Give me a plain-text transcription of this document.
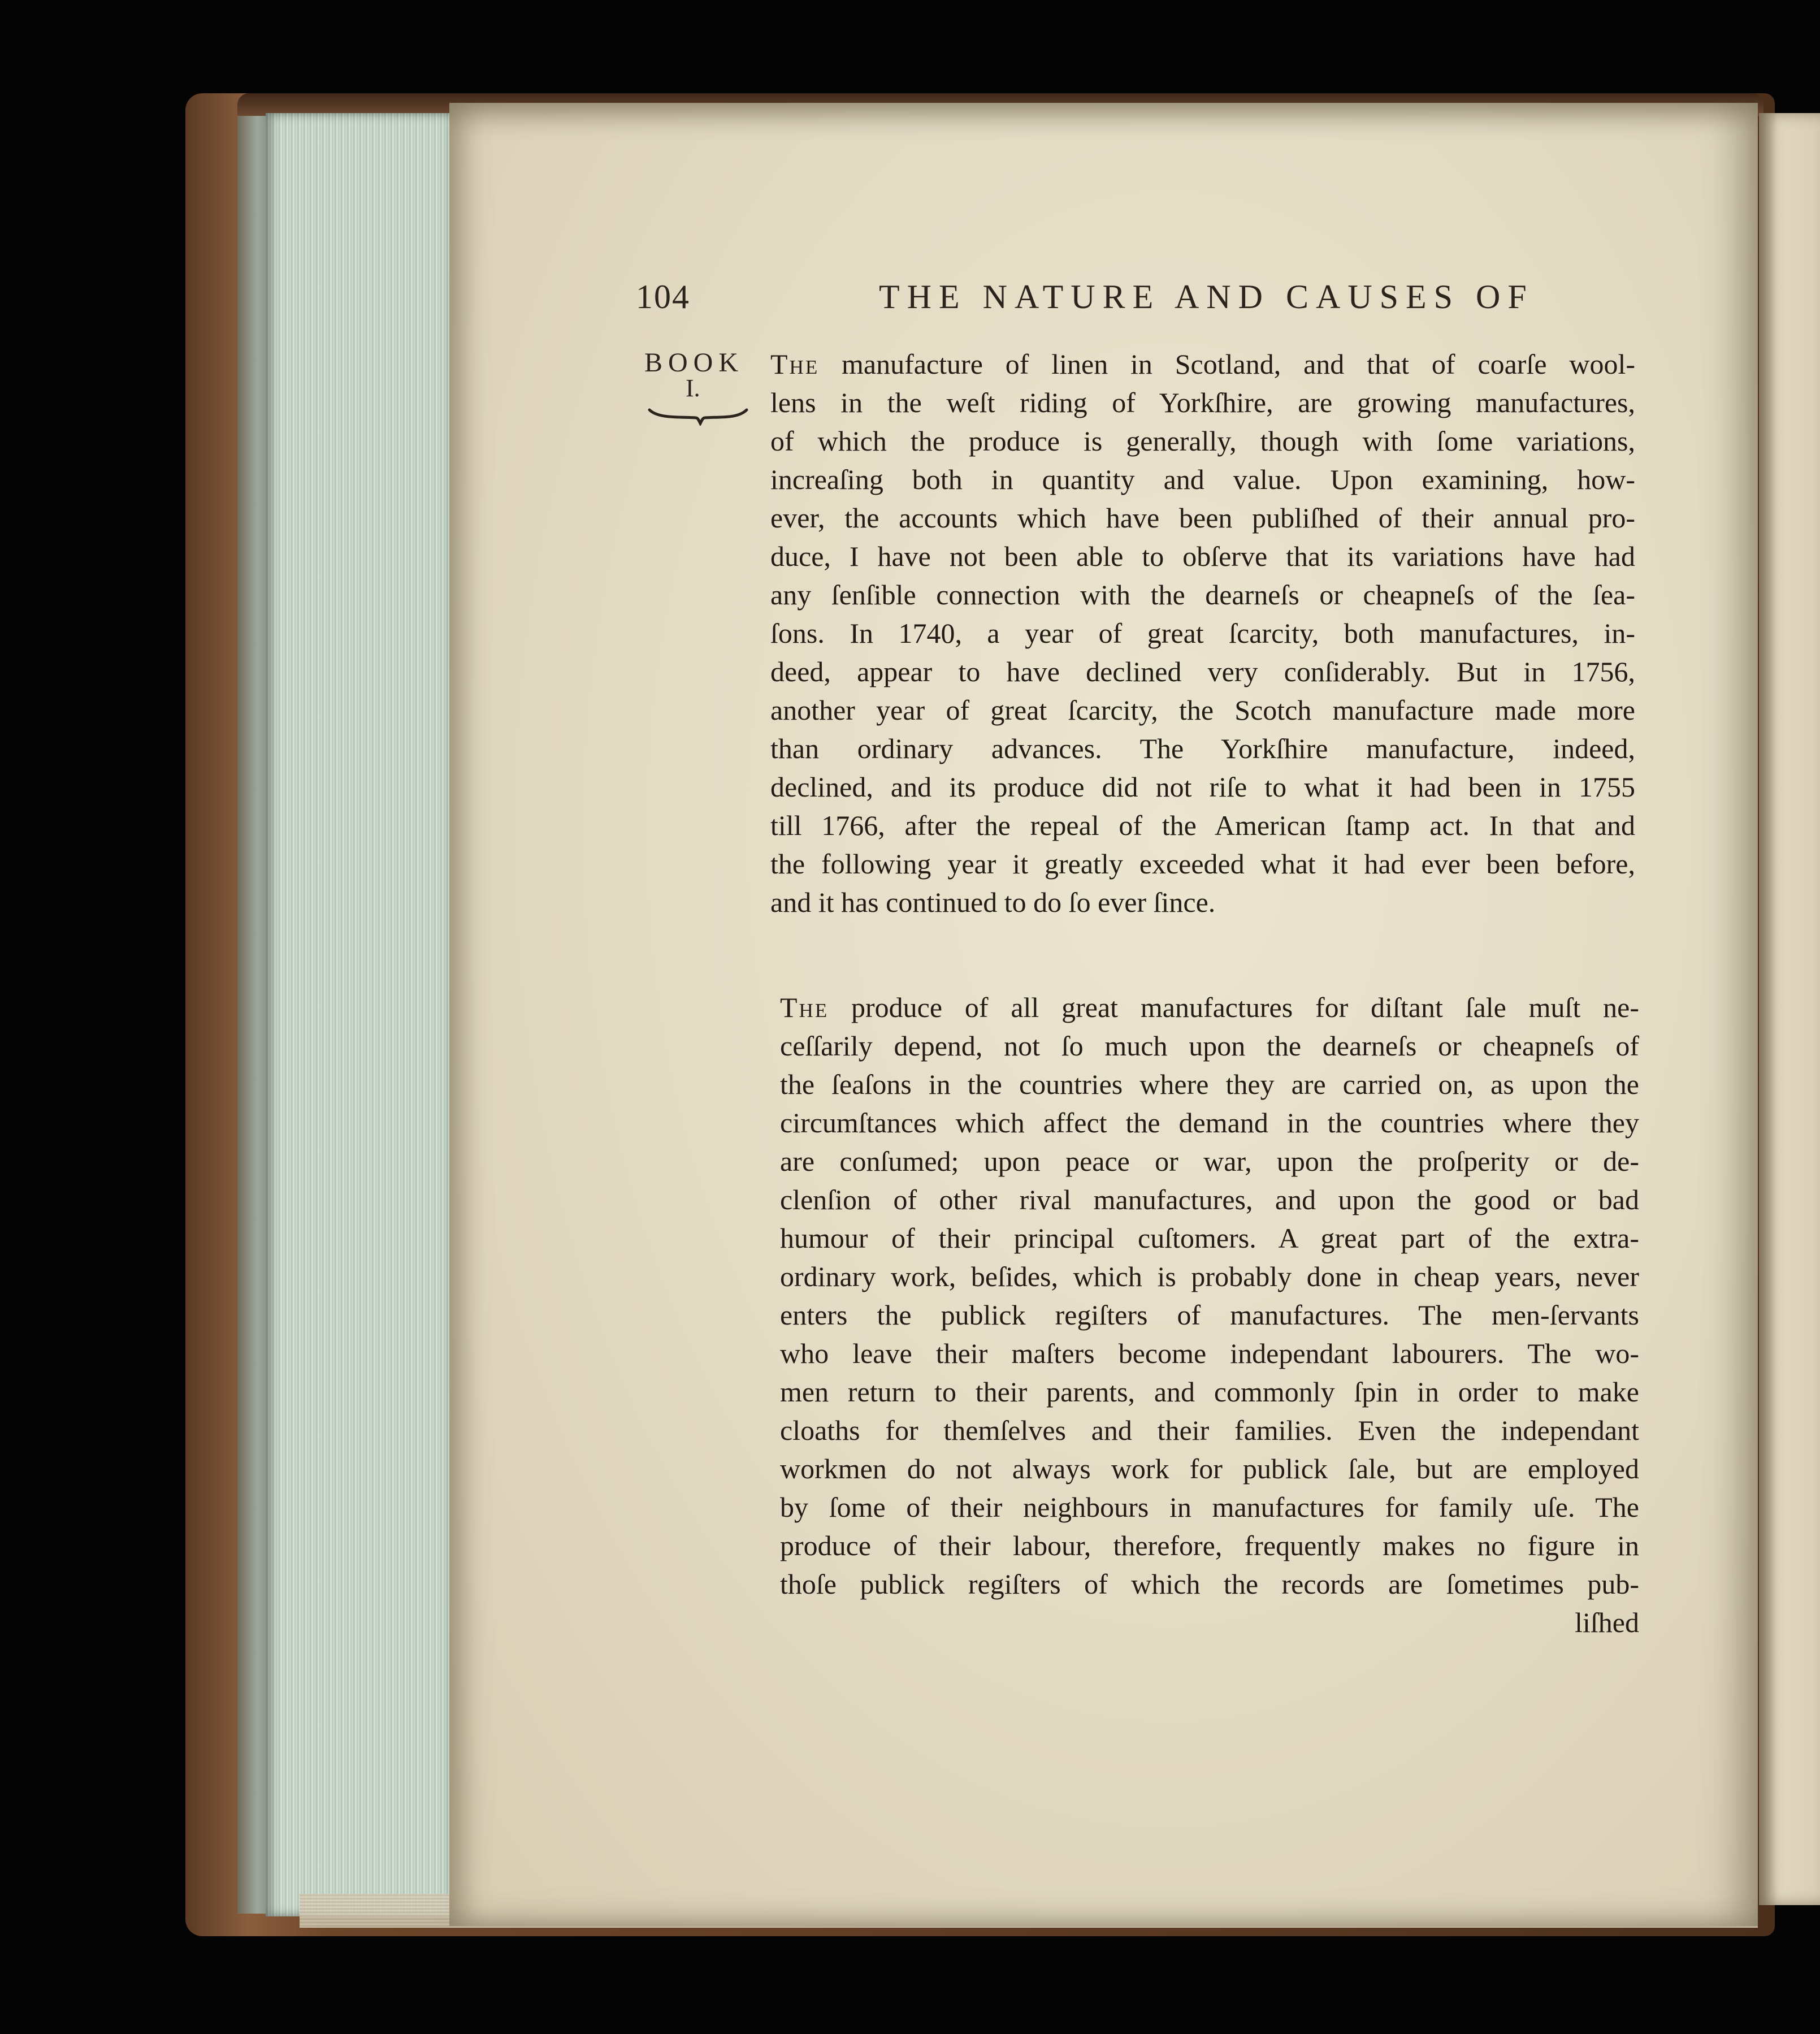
104	THE NATURE AND CAUSES OF
BOOK
I.
The manufacture of linen in Scotland, and that of coarſe wool-
lens in the weſt riding of Yorkſhire, are growing manufactures,
of which the produce is generally, though with ſome variations,
increaſing both in quantity and value. Upon examining, how-
ever, the accounts which have been publiſhed of their annual pro-
duce, I have not been able to obſerve that its variations have had
any ſenſible connection with the dearneſs or cheapneſs of the ſea-
ſons. In 1740, a year of great ſcarcity, both manufactures, in-
deed, appear to have declined very conſiderably. But in 1756,
another year of great ſcarcity, the Scotch manufacture made more
than ordinary advances. The Yorkſhire manufacture, indeed,
declined, and its produce did not riſe to what it had been in 1755
till 1766, after the repeal of the American ſtamp act. In that and
the following year it greatly exceeded what it had ever been before,
and it has continued to do ſo ever ſince.
The produce of all great manufactures for diſtant ſale muſt ne-
ceſſarily depend, not ſo much upon the dearneſs or cheapneſs of
the ſeaſons in the countries where they are carried on, as upon the
circumſtances which affect the demand in the countries where they
are conſumed; upon peace or war, upon the proſperity or de-
clenſion of other rival manufactures, and upon the good or bad
humour of their principal cuſtomers. A great part of the extra-
ordinary work, beſides, which is probably done in cheap years, never
enters the publick regiſters of manufactures. The men-ſervants
who leave their maſters become independant labourers. The wo-
men return to their parents, and commonly ſpin in order to make
cloaths for themſelves and their families. Even the independant
workmen do not always work for publick ſale, but are employed
by ſome of their neighbours in manufactures for family uſe. The
produce of their labour, therefore, frequently makes no figure in
thoſe publick regiſters of which the records are ſometimes pub-
liſhed
